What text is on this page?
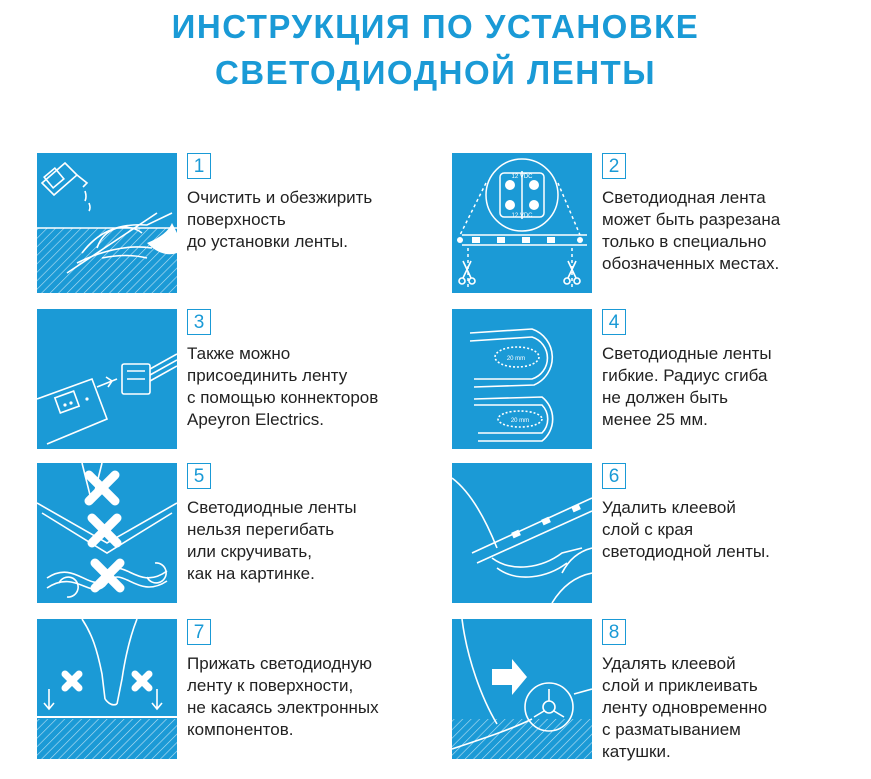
ИНСТРУКЦИЯ ПО УСТАНОВКЕ
СВЕТОДИОДНОЙ ЛЕНТЫ
1
Очистить и обезжирить
поверхность
до установки ленты.
12 VDC
12 VDC
2
Светодиодная лента
может быть разрезана
только в специально
обозначенных местах.
3
Также можно
присоединить ленту
с помощью коннекторов
Apeyron Electrics.
20 mm
20 mm
4
Светодиодные ленты
гибкие. Радиус сгиба
не должен быть
менее 25 мм.
5
Светодиодные ленты
нельзя перегибать
или скручивать,
как на картинке.
6
Удалить клеевой
слой с края
светодиодной ленты.
7
Прижать светодиодную
ленту к поверхности,
не касаясь электронных
компонентов.
8
Удалять клеевой
слой и приклеивать
ленту одновременно
с разматыванием
катушки.
